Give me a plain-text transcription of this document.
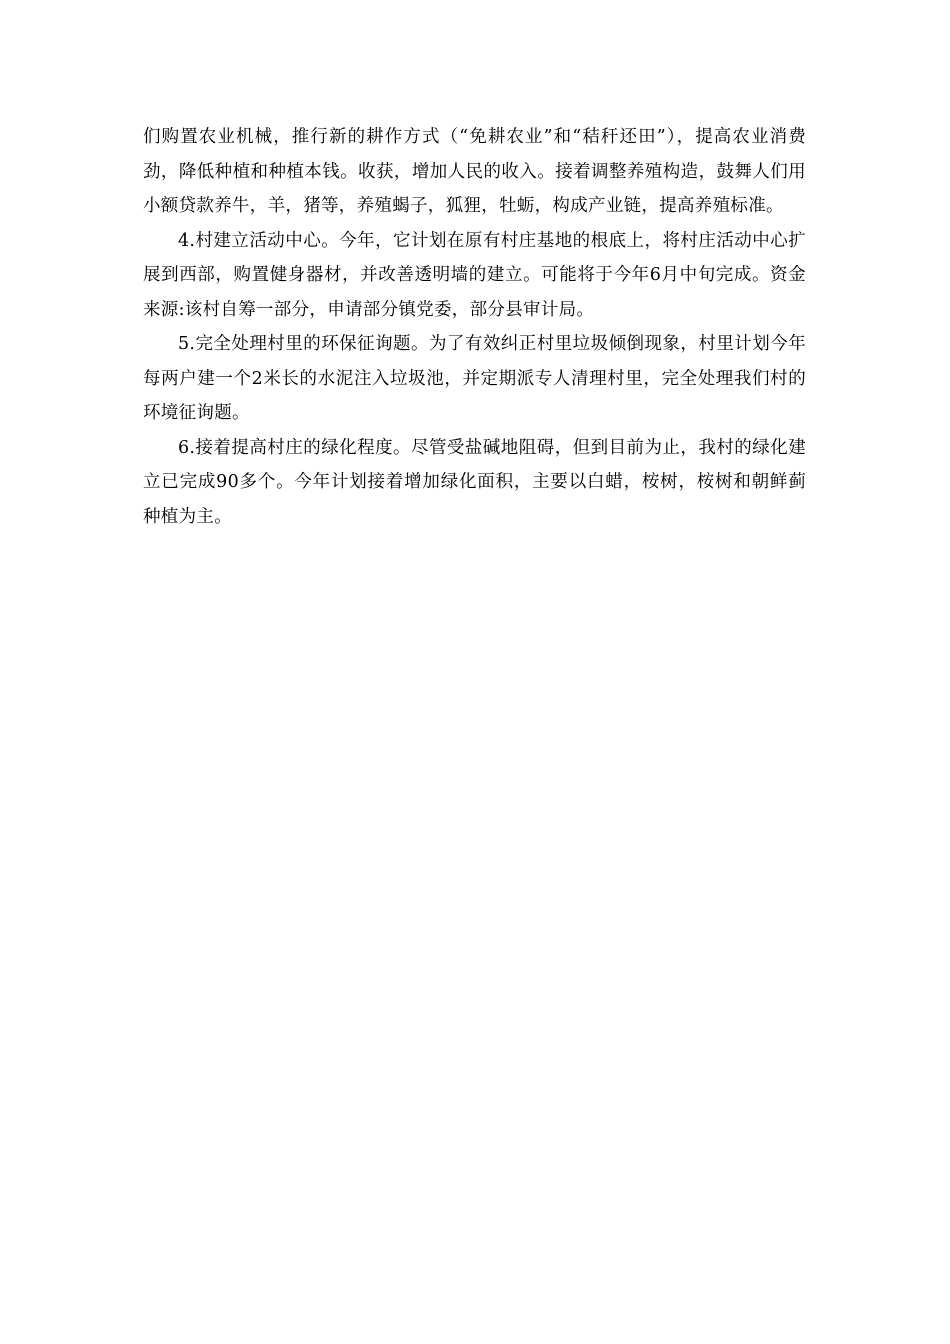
们购置农业机械，推行新的耕作方式（“免耕农业”和“秸秆还田”），提高农业消费劲，降低种植和种植本钱。收获，增加人民的收入。接着调整养殖构造，鼓舞人们用小额贷款养牛，羊，猪等，养殖蝎子，狐狸，牡蛎，构成产业链，提高养殖标准。

4.村建立活动中心。今年，它计划在原有村庄基地的根底上，将村庄活动中心扩展到西部，购置健身器材，并改善透明墙的建立。可能将于今年6月中旬完成。资金来源:该村自筹一部分，申请部分镇党委，部分县审计局。

5.完全处理村里的环保征询题。为了有效纠正村里垃圾倾倒现象，村里计划今年每两户建一个2米长的水泥注入垃圾池，并定期派专人清理村里，完全处理我们村的环境征询题。

6.接着提高村庄的绿化程度。尽管受盐碱地阻碍，但到目前为止，我村的绿化建立已完成90多个。今年计划接着增加绿化面积，主要以白蜡，桉树，桉树和朝鲜蓟种植为主。
